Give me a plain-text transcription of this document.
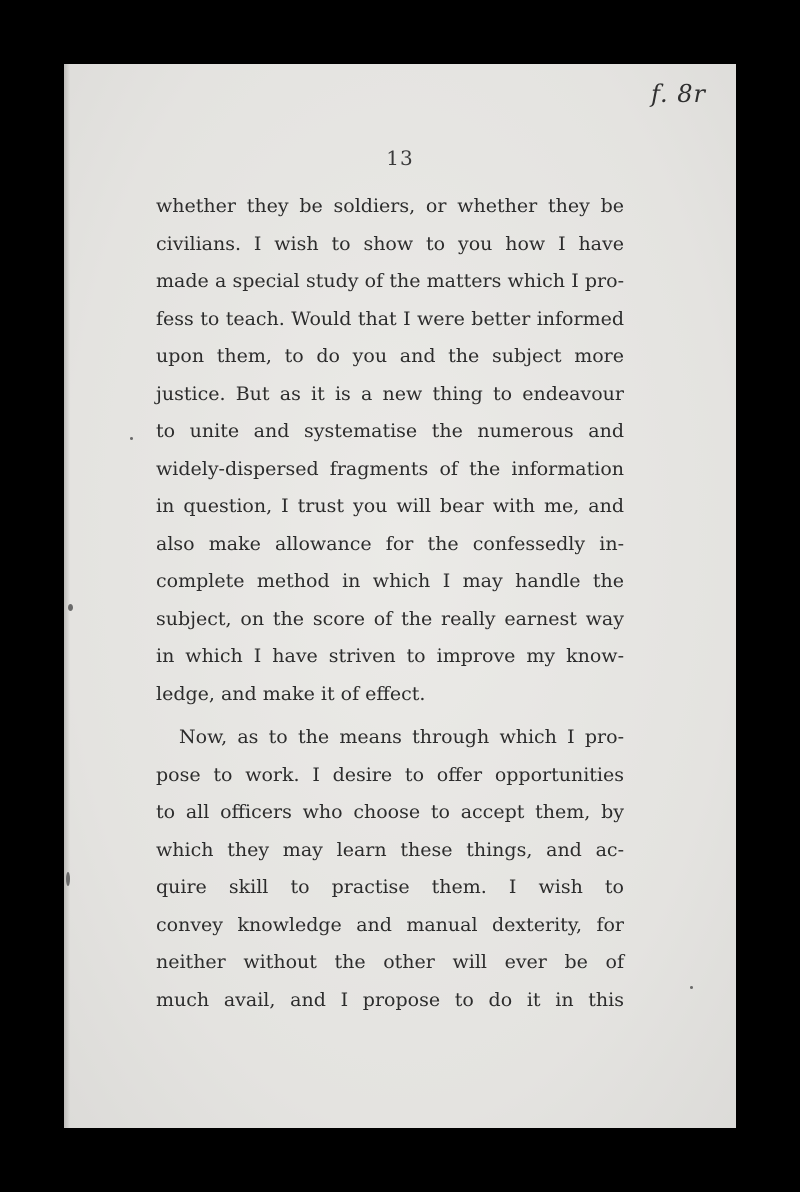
f. 8r
13
whether they be soldiers, or whether they be
civilians. I wish to show to you how I have
made a special study of the matters which I pro-
fess to teach. Would that I were better informed
upon them, to do you and the subject more
justice. But as it is a new thing to endeavour
to unite and systematise the numerous and
widely-dispersed fragments of the information
in question, I trust you will bear with me, and
also make allowance for the confessedly in-
complete method in which I may handle the
subject, on the score of the really earnest way
in which I have striven to improve my know-
ledge, and make it of effect.
Now, as to the means through which I pro-
pose to work. I desire to offer opportunities
to all officers who choose to accept them, by
which they may learn these things, and ac-
quire skill to practise them. I wish to
convey knowledge and manual dexterity, for
neither without the other will ever be of
much avail, and I propose to do it in this
